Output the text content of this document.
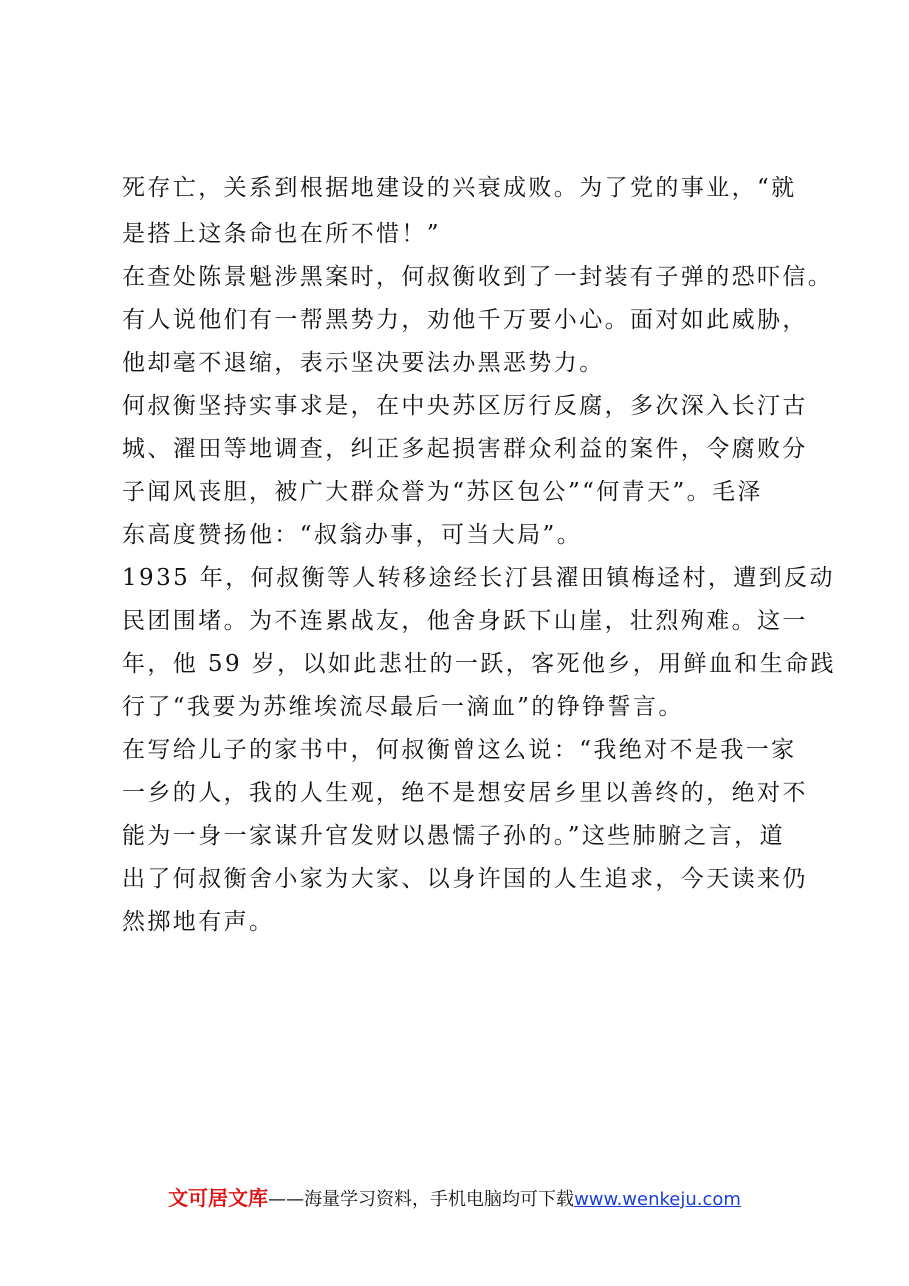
死存亡，关系到根据地建设的兴衰成败。为了党的事业，“就
是搭上这条命也在所不惜！”
在查处陈景魁涉黑案时，何叔衡收到了一封装有子弹的恐吓信。
有人说他们有一帮黑势力，劝他千万要小心。面对如此威胁，
他却毫不退缩，表示坚决要法办黑恶势力。
何叔衡坚持实事求是，在中央苏区厉行反腐，多次深入长汀古
城、濯田等地调查，纠正多起损害群众利益的案件，令腐败分
子闻风丧胆，被广大群众誉为“苏区包公”“何青天”。毛泽
东高度赞扬他：“叔翁办事，可当大局”。
1935 年，何叔衡等人转移途经长汀县濯田镇梅迳村，遭到反动
民团围堵。为不连累战友，他舍身跃下山崖，壮烈殉难。这一
年，他 59 岁，以如此悲壮的一跃，客死他乡，用鲜血和生命践
行了“我要为苏维埃流尽最后一滴血”的铮铮誓言。
在写给儿子的家书中，何叔衡曾这么说：“我绝对不是我一家
一乡的人，我的人生观，绝不是想安居乡里以善终的，绝对不
能为一身一家谋升官发财以愚懦子孙的。”这些肺腑之言，道
出了何叔衡舍小家为大家、以身许国的人生追求，今天读来仍
然掷地有声。
文可居文库——海量学习资料，手机电脑均可下载www.wenkeju.com
